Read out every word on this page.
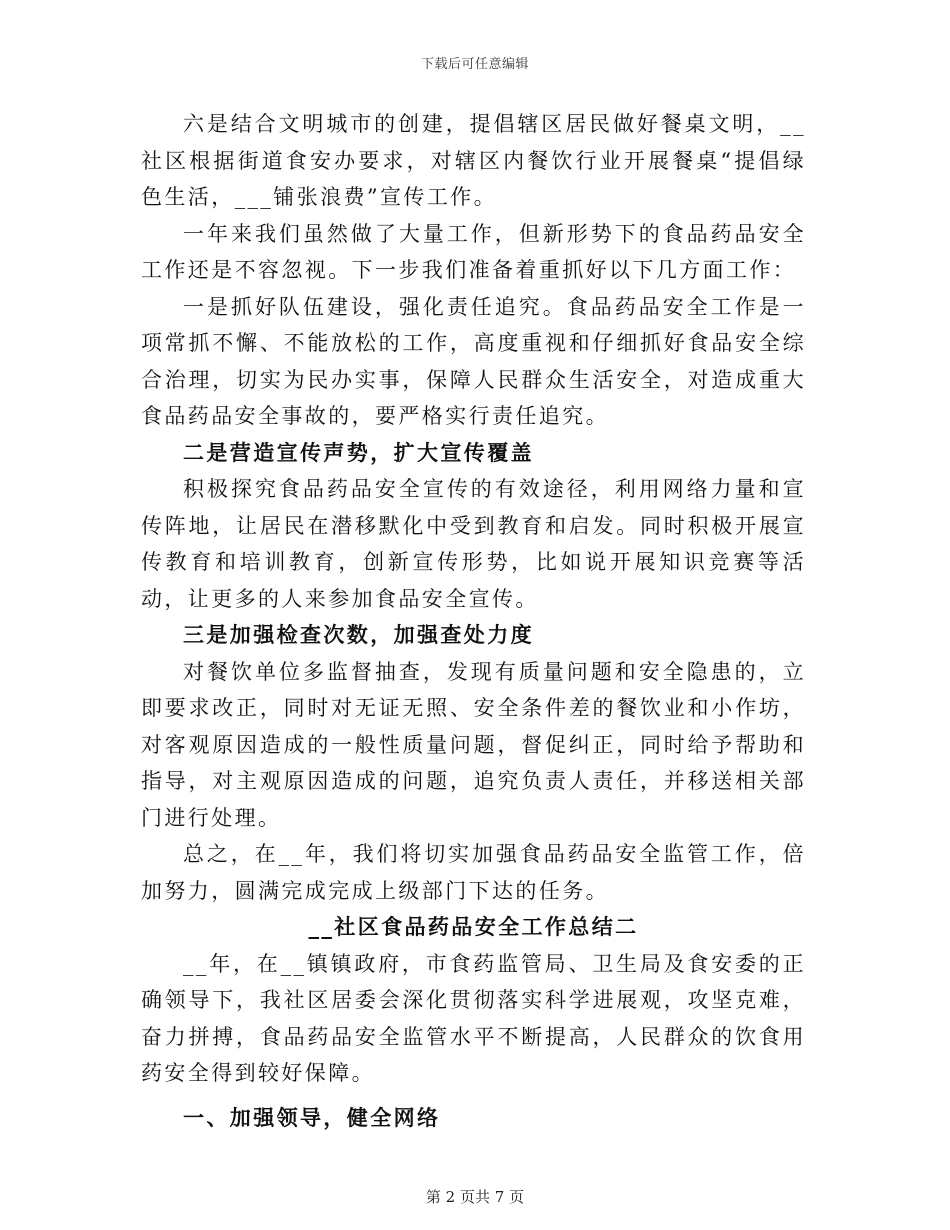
下载后可任意编辑

六是结合文明城市的创建，提倡辖区居民做好餐桌文明，__社区根据街道食安办要求，对辖区内餐饮行业开展餐桌“提倡绿色生活，___铺张浪费”宣传工作。

一年来我们虽然做了大量工作，但新形势下的食品药品安全工作还是不容忽视。下一步我们准备着重抓好以下几方面工作：

一是抓好队伍建设，强化责任追究。食品药品安全工作是一项常抓不懈、不能放松的工作，高度重视和仔细抓好食品安全综合治理，切实为民办实事，保障人民群众生活安全，对造成重大食品药品安全事故的，要严格实行责任追究。

二是营造宣传声势，扩大宣传覆盖

积极探究食品药品安全宣传的有效途径，利用网络力量和宣传阵地，让居民在潜移默化中受到教育和启发。同时积极开展宣传教育和培训教育，创新宣传形势，比如说开展知识竞赛等活动，让更多的人来参加食品安全宣传。

三是加强检查次数，加强查处力度

对餐饮单位多监督抽查，发现有质量问题和安全隐患的，立即要求改正，同时对无证无照、安全条件差的餐饮业和小作坊，对客观原因造成的一般性质量问题，督促纠正，同时给予帮助和指导，对主观原因造成的问题，追究负责人责任，并移送相关部门进行处理。

总之，在__年，我们将切实加强食品药品安全监管工作，倍加努力，圆满完成完成上级部门下达的任务。

__社区食品药品安全工作总结二

__年，在__镇镇政府，市食药监管局、卫生局及食安委的正确领导下，我社区居委会深化贯彻落实科学进展观，攻坚克难，奋力拼搏，食品药品安全监管水平不断提高，人民群众的饮食用药安全得到较好保障。

一、加强领导，健全网络

第 2 页共 7 页
